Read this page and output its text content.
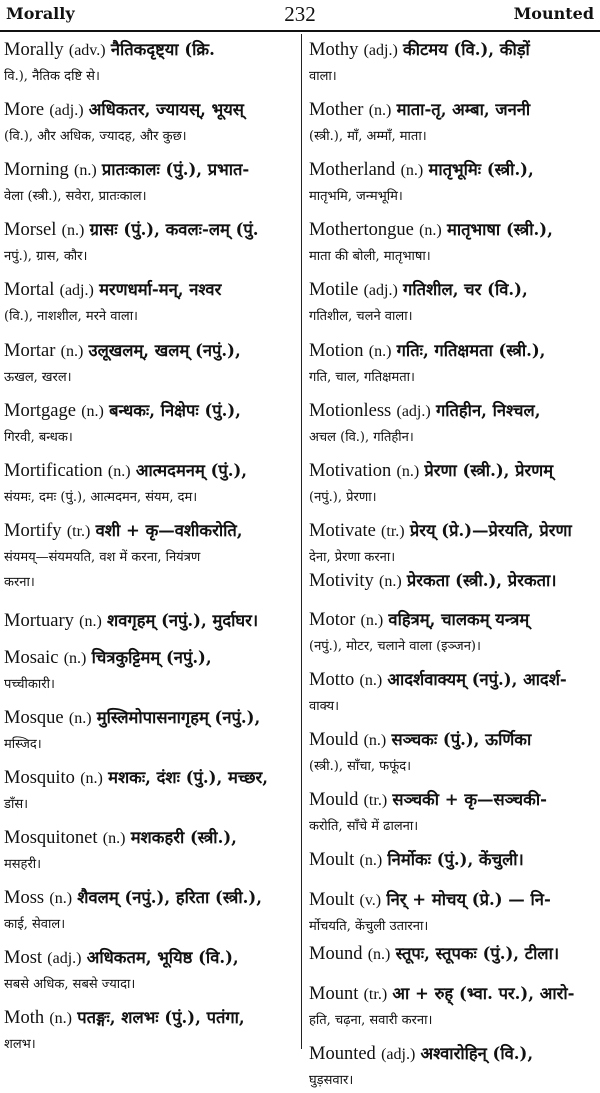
Morally	232	Mounted
Morally (adv.) नैतिकदृष्ट्या (क्रि.
वि.), नैतिक दष्टि से।
More (adj.) अधिकतर, ज्यायस्, भूयस्
(वि.), और अधिक, ज्यादह, और कुछ।
Morning (n.) प्रातःकालः (पुं.), प्रभात-
वेला (स्त्री.), सवेरा, प्रातःकाल।
Morsel (n.) ग्रासः (पुं.), कवलः-लम् (पुं.
नपुं.), ग्रास, कौर।
Mortal (adj.) मरणधर्मा-मन्, नश्वर
(वि.), नाशशील, मरने वाला।
Mortar (n.) उलूखलम्, खलम् (नपुं.),
ऊखल, खरल।
Mortgage (n.) बन्धकः, निक्षेपः (पुं.),
गिरवी, बन्धक।
Mortification (n.) आत्मदमनम् (पुं.),
संयमः, दमः (पुं.), आत्मदमन, संयम, दम।
Mortify (tr.) वशी + कृ—वशीकरोति,
संयमय्—संयमयति, वश में करना, नियंत्रण
करना।
Mortuary (n.) शवगृहम् (नपुं.), मुर्दाघर।
Mosaic (n.) चित्रकुट्टिमम् (नपुं.),
पच्चीकारी।
Mosque (n.) मुस्लिमोपासनागृहम् (नपुं.),
मस्जिद।
Mosquito (n.) मशकः, दंशः (पुं.), मच्छर,
डाँस।
Mosquitonet (n.) मशकहरी (स्त्री.),
मसहरी।
Moss (n.) शैवलम् (नपुं.), हरिता (स्त्री.),
काई, सेवाल।
Most (adj.) अधिकतम, भूयिष्ठ (वि.),
सबसे अधिक, सबसे ज्यादा।
Moth (n.) पतङ्गः, शलभः (पुं.), पतंगा,
शलभ।
Mothy (adj.) कीटमय (वि.), कीड़ों
वाला।
Mother (n.) माता-तृ, अम्बा, जननी
(स्त्री.), माँ, अम्माँ, माता।
Motherland (n.) मातृभूमिः (स्त्री.),
मातृभमि, जन्मभूमि।
Mothertongue (n.) मातृभाषा (स्त्री.),
माता की बोली, मातृभाषा।
Motile (adj.) गतिशील, चर (वि.),
गतिशील, चलने वाला।
Motion (n.) गतिः, गतिक्षमता (स्त्री.),
गति, चाल, गतिक्षमता।
Motionless (adj.) गतिहीन, निश्चल,
अचल (वि.), गतिहीन।
Motivation (n.) प्रेरणा (स्त्री.), प्रेरणम्
(नपुं.), प्रेरणा।
Motivate (tr.) प्रेरय् (प्रे.)—प्रेरयति, प्रेरणा
देना, प्रेरणा करना।
Motivity (n.) प्रेरकता (स्त्री.), प्रेरकता।
Motor (n.) वहित्रम्, चालकम् यन्त्रम्
(नपुं.), मोटर, चलाने वाला (इञ्जन)।
Motto (n.) आदर्शवाक्यम् (नपुं.), आदर्श-
वाक्य।
Mould (n.) सञ्चकः (पुं.), ऊर्णिका
(स्त्री.), साँचा, फफूंद।
Mould (tr.) सञ्चकी + कृ—सञ्चकी-
करोति, साँचे में ढालना।
Moult (n.) निर्मोकः (पुं.), केंचुली।
Moult (v.) निर् + मोचय् (प्रे.) — नि-
र्मोचयति, केंचुली उतारना।
Mound (n.) स्तूपः, स्तूपकः (पुं.), टीला।
Mount (tr.) आ + रुह् (भ्वा. पर.), आरो-
हति, चढ़ना, सवारी करना।
Mounted (adj.) अश्वारोहिन् (वि.),
घुड़सवार।
